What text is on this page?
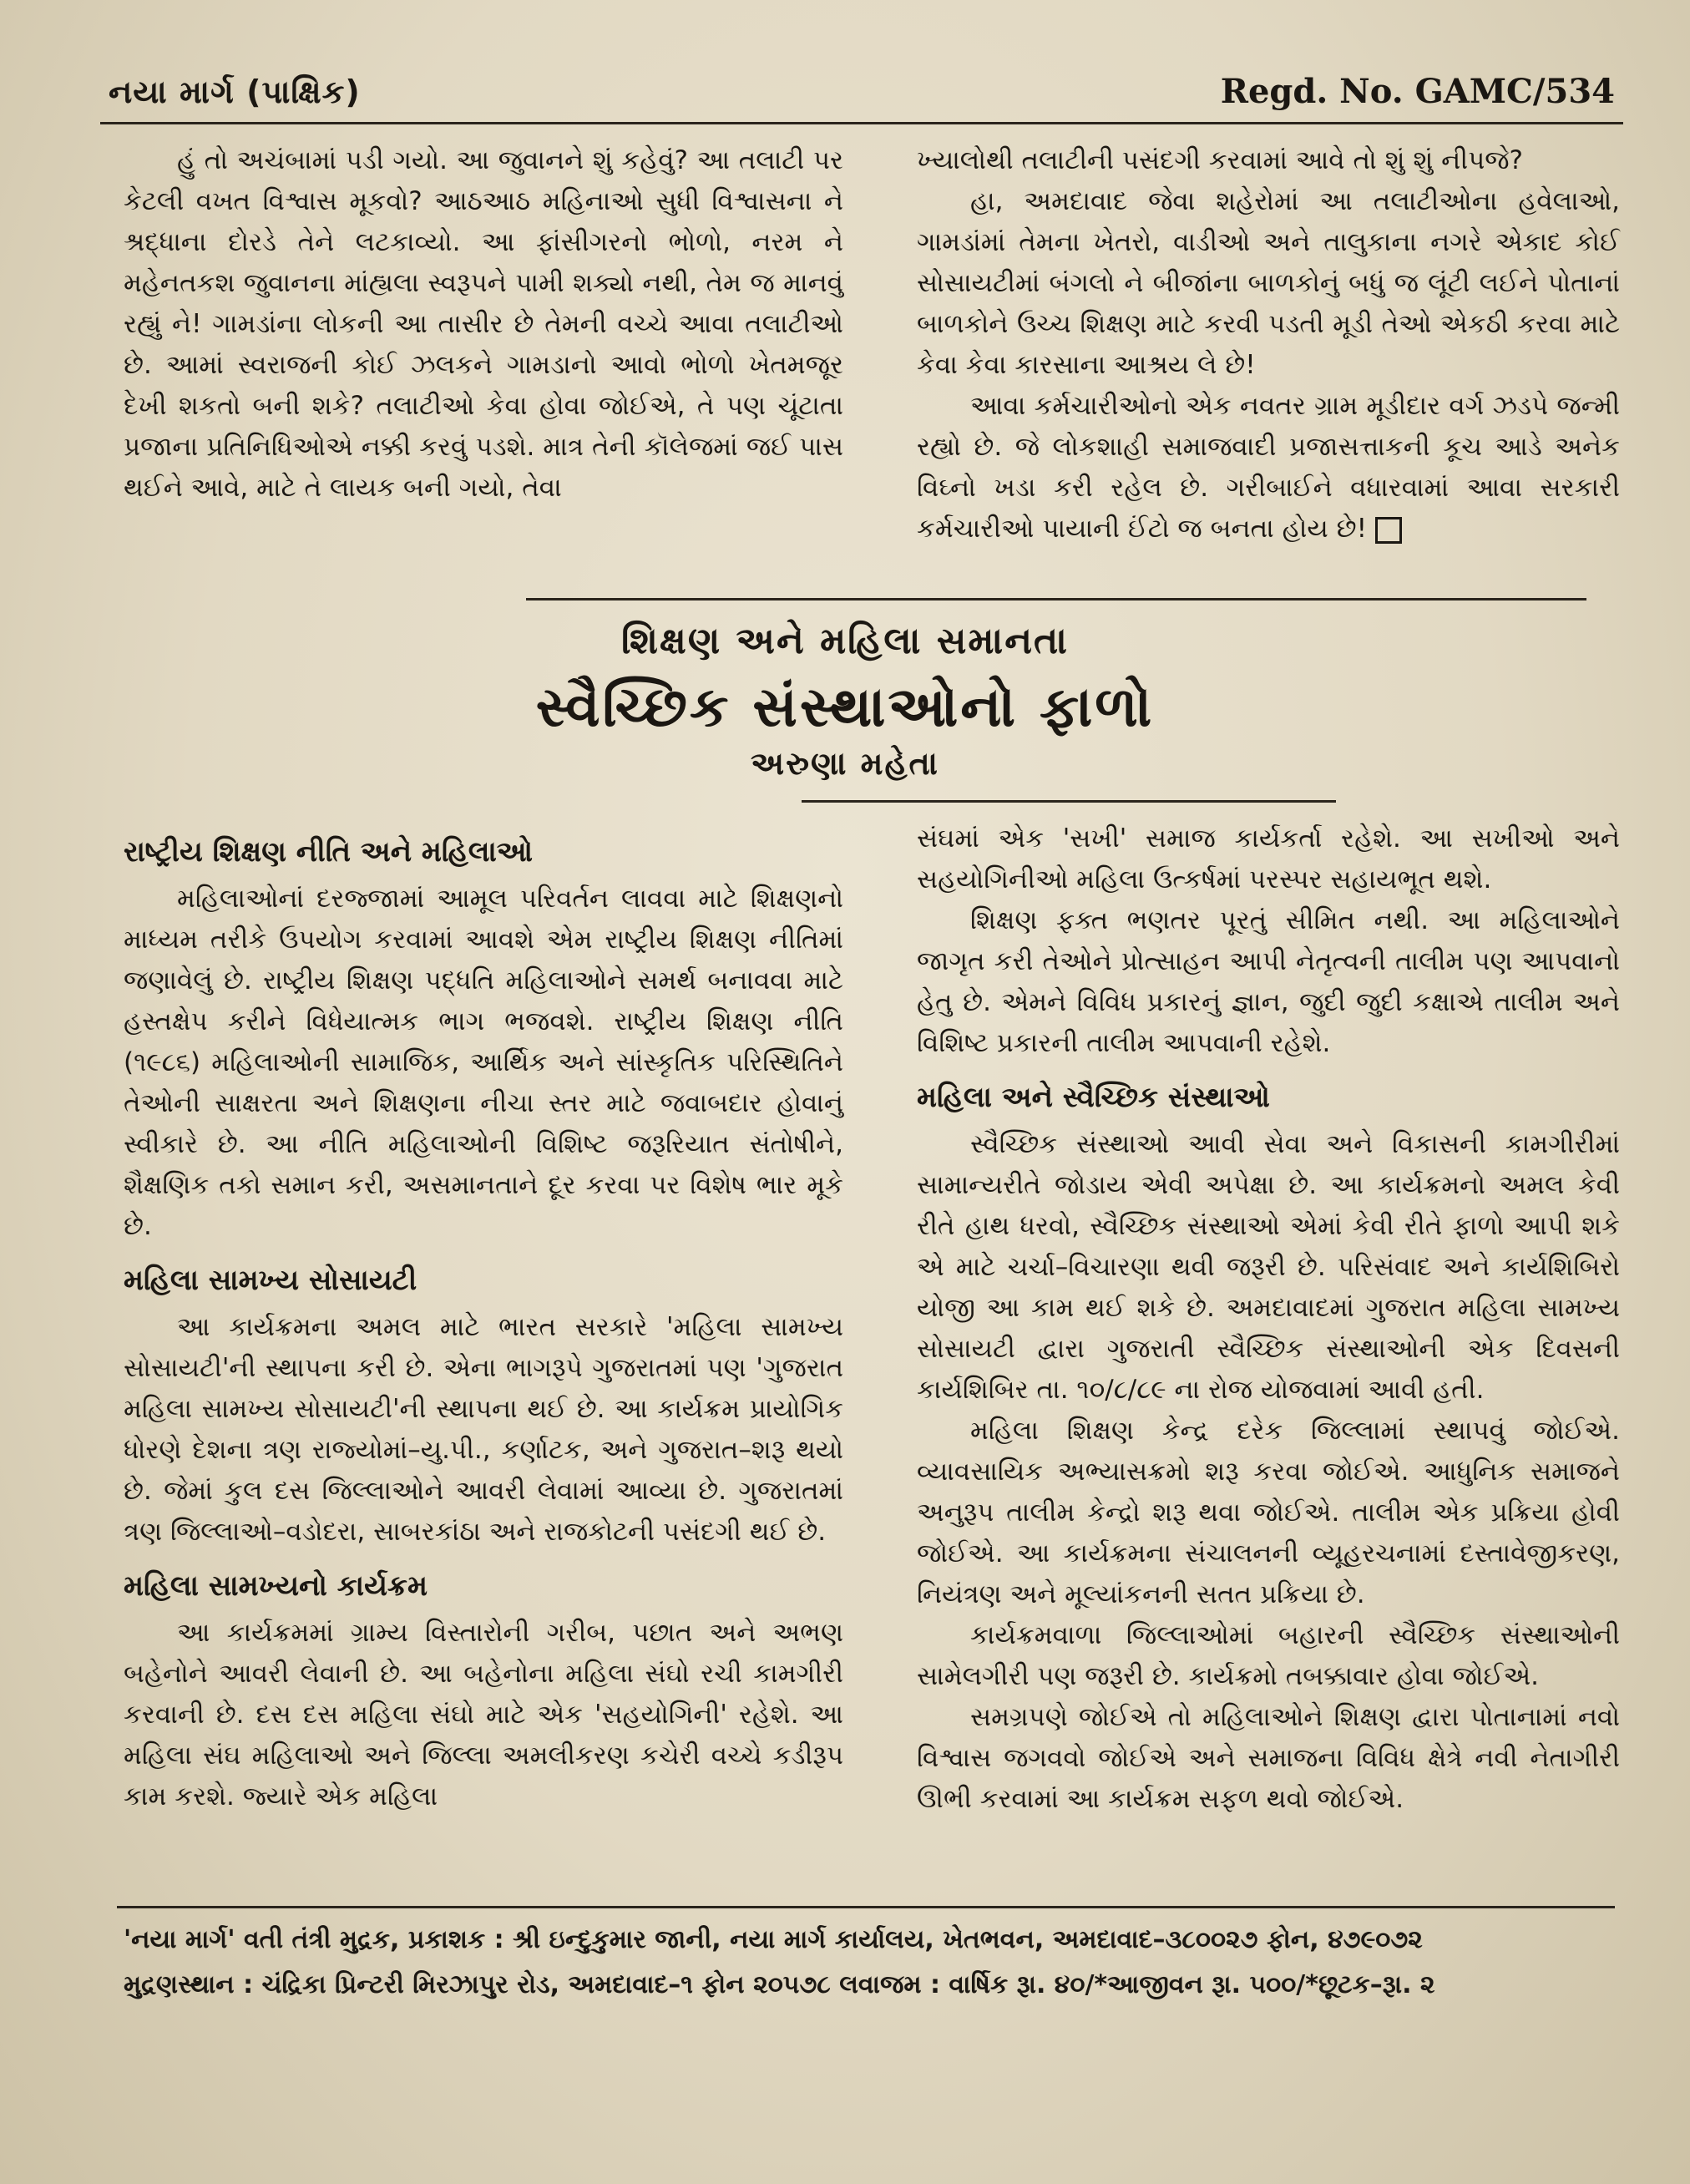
નયા માર્ગ (પાક્ષિક)	Regd. No. GAMC/534

હું તો અચંબામાં પડી ગયો. આ જુવાનને શું કહેવું? આ તલાટી પર કેટલી વખત વિશ્વાસ મૂકવો? આઠઆઠ મહિનાઓ સુધી વિશ્વાસના ને શ્રદ્ધાના દોરડે તેને લટકાવ્યો. આ ફાંસીગરનો ભોળો, નરમ ને મહેનતકશ જુવાનના માંહ્યલા સ્વરૂપને પામી શક્યો નથી, તેમ જ માનવું રહ્યું ને! ગામડાંના લોકની આ તાસીર છે તેમની વચ્ચે આવા તલાટીઓ છે. આમાં સ્વરાજની કોઈ ઝલકને ગામડાનો આવો ભોળો ખેતમજૂર દેખી શકતો બની શકે? તલાટીઓ કેવા હોવા જોઈએ, તે પણ ચૂંટાતા પ્રજાના પ્રતિનિધિઓએ નક્કી કરવું પડશે. માત્ર તેની કૉલેજમાં જઈ પાસ થઈને આવે, માટે તે લાયક બની ગયો, તેવા

ખ્યાલોથી તલાટીની પસંદગી કરવામાં આવે તો શું શું નીપજે?

હા, અમદાવાદ જેવા શહેરોમાં આ તલાટીઓના હવેલાઓ, ગામડાંમાં તેમના ખેતરો, વાડીઓ અને તાલુકાના નગરે એકાદ કોઈ સોસાયટીમાં બંગલો ને બીજાંના બાળકોનું બધું જ લૂંટી લઈને પોતાનાં બાળકોને ઉચ્ચ શિક્ષણ માટે કરવી પડતી મૂડી તેઓ એકઠી કરવા માટે કેવા કેવા કારસાના આશ્રય લે છે!

આવા કર્મચારીઓનો એક નવતર ગ્રામ મૂડીદાર વર્ગ ઝડપે જન્મી રહ્યો છે. જે લોકશાહી સમાજવાદી પ્રજાસત્તાકની કૂચ આડે અનેક વિઘ્નો ખડા કરી રહેલ છે. ગરીબાઈને વધારવામાં આવા સરકારી કર્મચારીઓ પાયાની ઈંટો જ બનતા હોય છે!

શિક્ષણ અને મહિલા સમાનતા
સ્વૈચ્છિક સંસ્થાઓનો ફાળો
અરુણા મહેતા
રાષ્ટ્રીય શિક્ષણ નીતિ અને મહિલાઓ

મહિલાઓનાં દરજ્જામાં આમૂલ પરિવર્તન લાવવા માટે શિક્ષણનો માધ્યમ તરીકે ઉપયોગ કરવામાં આવશે એમ રાષ્ટ્રીય શિક્ષણ નીતિમાં જણાવેલું છે. રાષ્ટ્રીય શિક્ષણ પદ્ધતિ મહિલાઓને સમર્થ બનાવવા માટે હસ્તક્ષેપ કરીને વિધેયાત્મક ભાગ ભજવશે. રાષ્ટ્રીય શિક્ષણ નીતિ (૧૯૮૬) મહિલાઓની સામાજિક, આર્થિક અને સાંસ્કૃતિક પરિસ્થિતિને તેઓની સાક્ષરતા અને શિક્ષણના નીચા સ્તર માટે જવાબદાર હોવાનું સ્વીકારે છે. આ નીતિ મહિલાઓની વિશિષ્ટ જરૂરિયાત સંતોષીને, શૈક્ષણિક તકો સમાન કરી, અસમાનતાને દૂર કરવા પર વિશેષ ભાર મૂકે છે.

મહિલા સામખ્ય સોસાયટી

આ કાર્યક્રમના અમલ માટે ભારત સરકારે 'મહિલા સામખ્ય સોસાયટી'ની સ્થાપના કરી છે. એના ભાગરૂપે ગુજરાતમાં પણ 'ગુજરાત મહિલા સામખ્ય સોસાયટી'ની સ્થાપના થઈ છે. આ કાર્યક્રમ પ્રાયોગિક ધોરણે દેશના ત્રણ રાજ્યોમાં–યુ.પી., કર્ણાટક, અને ગુજરાત–શરૂ થયો છે. જેમાં કુલ દસ જિલ્લાઓને આવરી લેવામાં આવ્યા છે. ગુજરાતમાં ત્રણ જિલ્લાઓ–વડોદરા, સાબરકાંઠા અને રાજકોટની પસંદગી થઈ છે.

મહિલા સામખ્યનો કાર્યક્રમ

આ કાર્યક્રમમાં ગ્રામ્ય વિસ્તારોની ગરીબ, પછાત અને અભણ બહેનોને આવરી લેવાની છે. આ બહેનોના મહિલા સંઘો રચી કામગીરી કરવાની છે. દસ દસ મહિલા સંઘો માટે એક 'સહયોગિની' રહેશે. આ મહિલા સંઘ મહિલાઓ અને જિલ્લા અમલીકરણ કચેરી વચ્ચે કડીરૂપ કામ કરશે. જ્યારે એક મહિલા

સંઘમાં એક 'સખી' સમાજ કાર્યકર્તા રહેશે. આ સખીઓ અને સહયોગિનીઓ મહિલા ઉત્કર્ષમાં પરસ્પર સહાયભૂત થશે.

શિક્ષણ ફક્ત ભણતર પૂરતું સીમિત નથી. આ મહિલાઓને જાગૃત કરી તેઓને પ્રોત્સાહન આપી નેતૃત્વની તાલીમ પણ આપવાનો હેતુ છે. એમને વિવિધ પ્રકારનું જ્ઞાન, જુદી જુદી કક્ષાએ તાલીમ અને વિશિષ્ટ પ્રકારની તાલીમ આપવાની રહેશે.

મહિલા અને સ્વૈચ્છિક સંસ્થાઓ

સ્વૈચ્છિક સંસ્થાઓ આવી સેવા અને વિકાસની કામગીરીમાં સામાન્યરીતે જોડાય એવી અપેક્ષા છે. આ કાર્યક્રમનો અમલ કેવી રીતે હાથ ધરવો, સ્વૈચ્છિક સંસ્થાઓ એમાં કેવી રીતે ફાળો આપી શકે એ માટે ચર્ચા–વિચારણા થવી જરૂરી છે. પરિસંવાદ અને કાર્યશિબિરો યોજી આ કામ થઈ શકે છે. અમદાવાદમાં ગુજરાત મહિલા સામખ્ય સોસાયટી દ્વારા ગુજરાતી સ્વૈચ્છિક સંસ્થાઓની એક દિવસની કાર્યશિબિર તા. ૧૦/૮/૮૯ ના રોજ યોજવામાં આવી હતી.

મહિલા શિક્ષણ કેન્દ્ર દરેક જિલ્લામાં સ્થાપવું જોઈએ. વ્યાવસાયિક અભ્યાસક્રમો શરૂ કરવા જોઈએ. આધુનિક સમાજને અનુરૂપ તાલીમ કેન્દ્રો શરૂ થવા જોઈએ. તાલીમ એક પ્રક્રિયા હોવી જોઈએ. આ કાર્યક્રમના સંચાલનની વ્યૂહરચનામાં દસ્તાવેજીકરણ, નિયંત્રણ અને મૂલ્યાંકનની સતત પ્રક્રિયા છે.

કાર્યક્રમવાળા જિલ્લાઓમાં બહારની સ્વૈચ્છિક સંસ્થાઓની સામેલગીરી પણ જરૂરી છે. કાર્યક્રમો તબક્કાવાર હોવા જોઈએ.

સમગ્રપણે જોઈએ તો મહિલાઓને શિક્ષણ દ્વારા પોતાનામાં નવો વિશ્વાસ જગવવો જોઈએ અને સમાજના વિવિધ ક્ષેત્રે નવી નેતાગીરી ઊભી કરવામાં આ કાર્યક્રમ સફળ થવો જોઈએ.

'નયા માર્ગ' વતી તંત્રી મુદ્રક, પ્રકાશક : શ્રી ઇન્દુકુમાર જાની, નયા માર્ગ કાર્યાલય, ખેતભવન, અમદાવાદ–૩૮૦૦૨૭ ફોન, ૪૭૯૦૭૨
મુદ્રણસ્થાન : ચંદ્રિકા પ્રિન્ટરી મિરઝાપુર રોડ, અમદાવાદ–૧ ફોન ૨૦૫૭૮ લવાજમ : વાર્ષિક રૂા. ૪૦/*આજીવન રૂા. ૫૦૦/*છૂટક–રૂા. ૨
